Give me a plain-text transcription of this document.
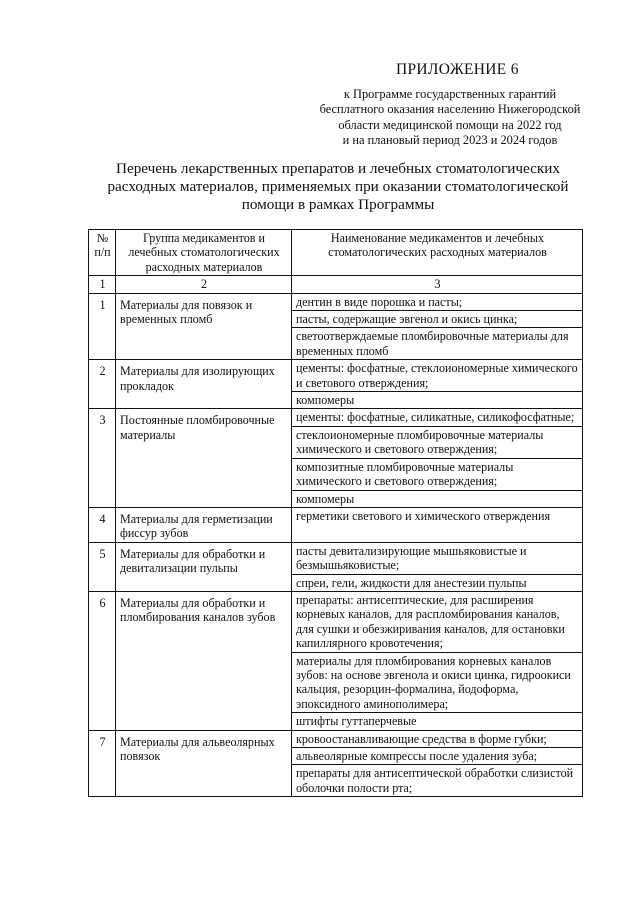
ПРИЛОЖЕНИЕ 6
к Программе государственных гарантий
бесплатного оказания населению Нижегородской
области медицинской помощи на 2022 год
и на плановый период 2023 и 2024 годов
Перечень лекарственных препаратов и лечебных стоматологических
расходных материалов, применяемых при оказании стоматологической
помощи в рамках Программы
№ п/п	Группа медикаментов и лечебных стоматологических расходных материалов	Наименование медикаментов и лечебных стоматологических расходных материалов
1	2	3
1	Материалы для повязок и временных пломб	дентин в виде порошка и пасты;
		пасты, содержащие эвгенол и окись цинка;
		светоотверждаемые пломбировочные материалы для временных пломб
2	Материалы для изолирующих прокладок	цементы: фосфатные, стеклоиономерные химического и светового отверждения;
		компомеры
3	Постоянные пломбировочные материалы	цементы: фосфатные, силикатные, силикофосфатные;
		стеклоиономерные пломбировочные материалы химического и светового отверждения;
		композитные пломбировочные материалы химического и светового отверждения;
		компомеры
4	Материалы для герметизации фиссур зубов	герметики светового и химического отверждения
5	Материалы для обработки и девитализации пульпы	пасты девитализирующие мышьяковистые и безмышьяковистые;
		спреи, гели, жидкости для анестезии пульпы
6	Материалы для обработки и пломбирования каналов зубов	препараты: антисептические, для расширения корневых каналов, для распломбирования каналов, для сушки и обезжиривания каналов, для остановки капиллярного кровотечения;
		материалы для пломбирования корневых каналов зубов: на основе эвгенола и окиси цинка, гидроокиси кальция, резорцин-формалина, йодоформа, эпоксидного аминополимера;
		штифты гуттаперчевые
7	Материалы для альвеолярных повязок	кровоостанавливающие средства в форме губки;
		альвеолярные компрессы после удаления зуба;
		препараты для антисептической обработки слизистой оболочки полости рта;
